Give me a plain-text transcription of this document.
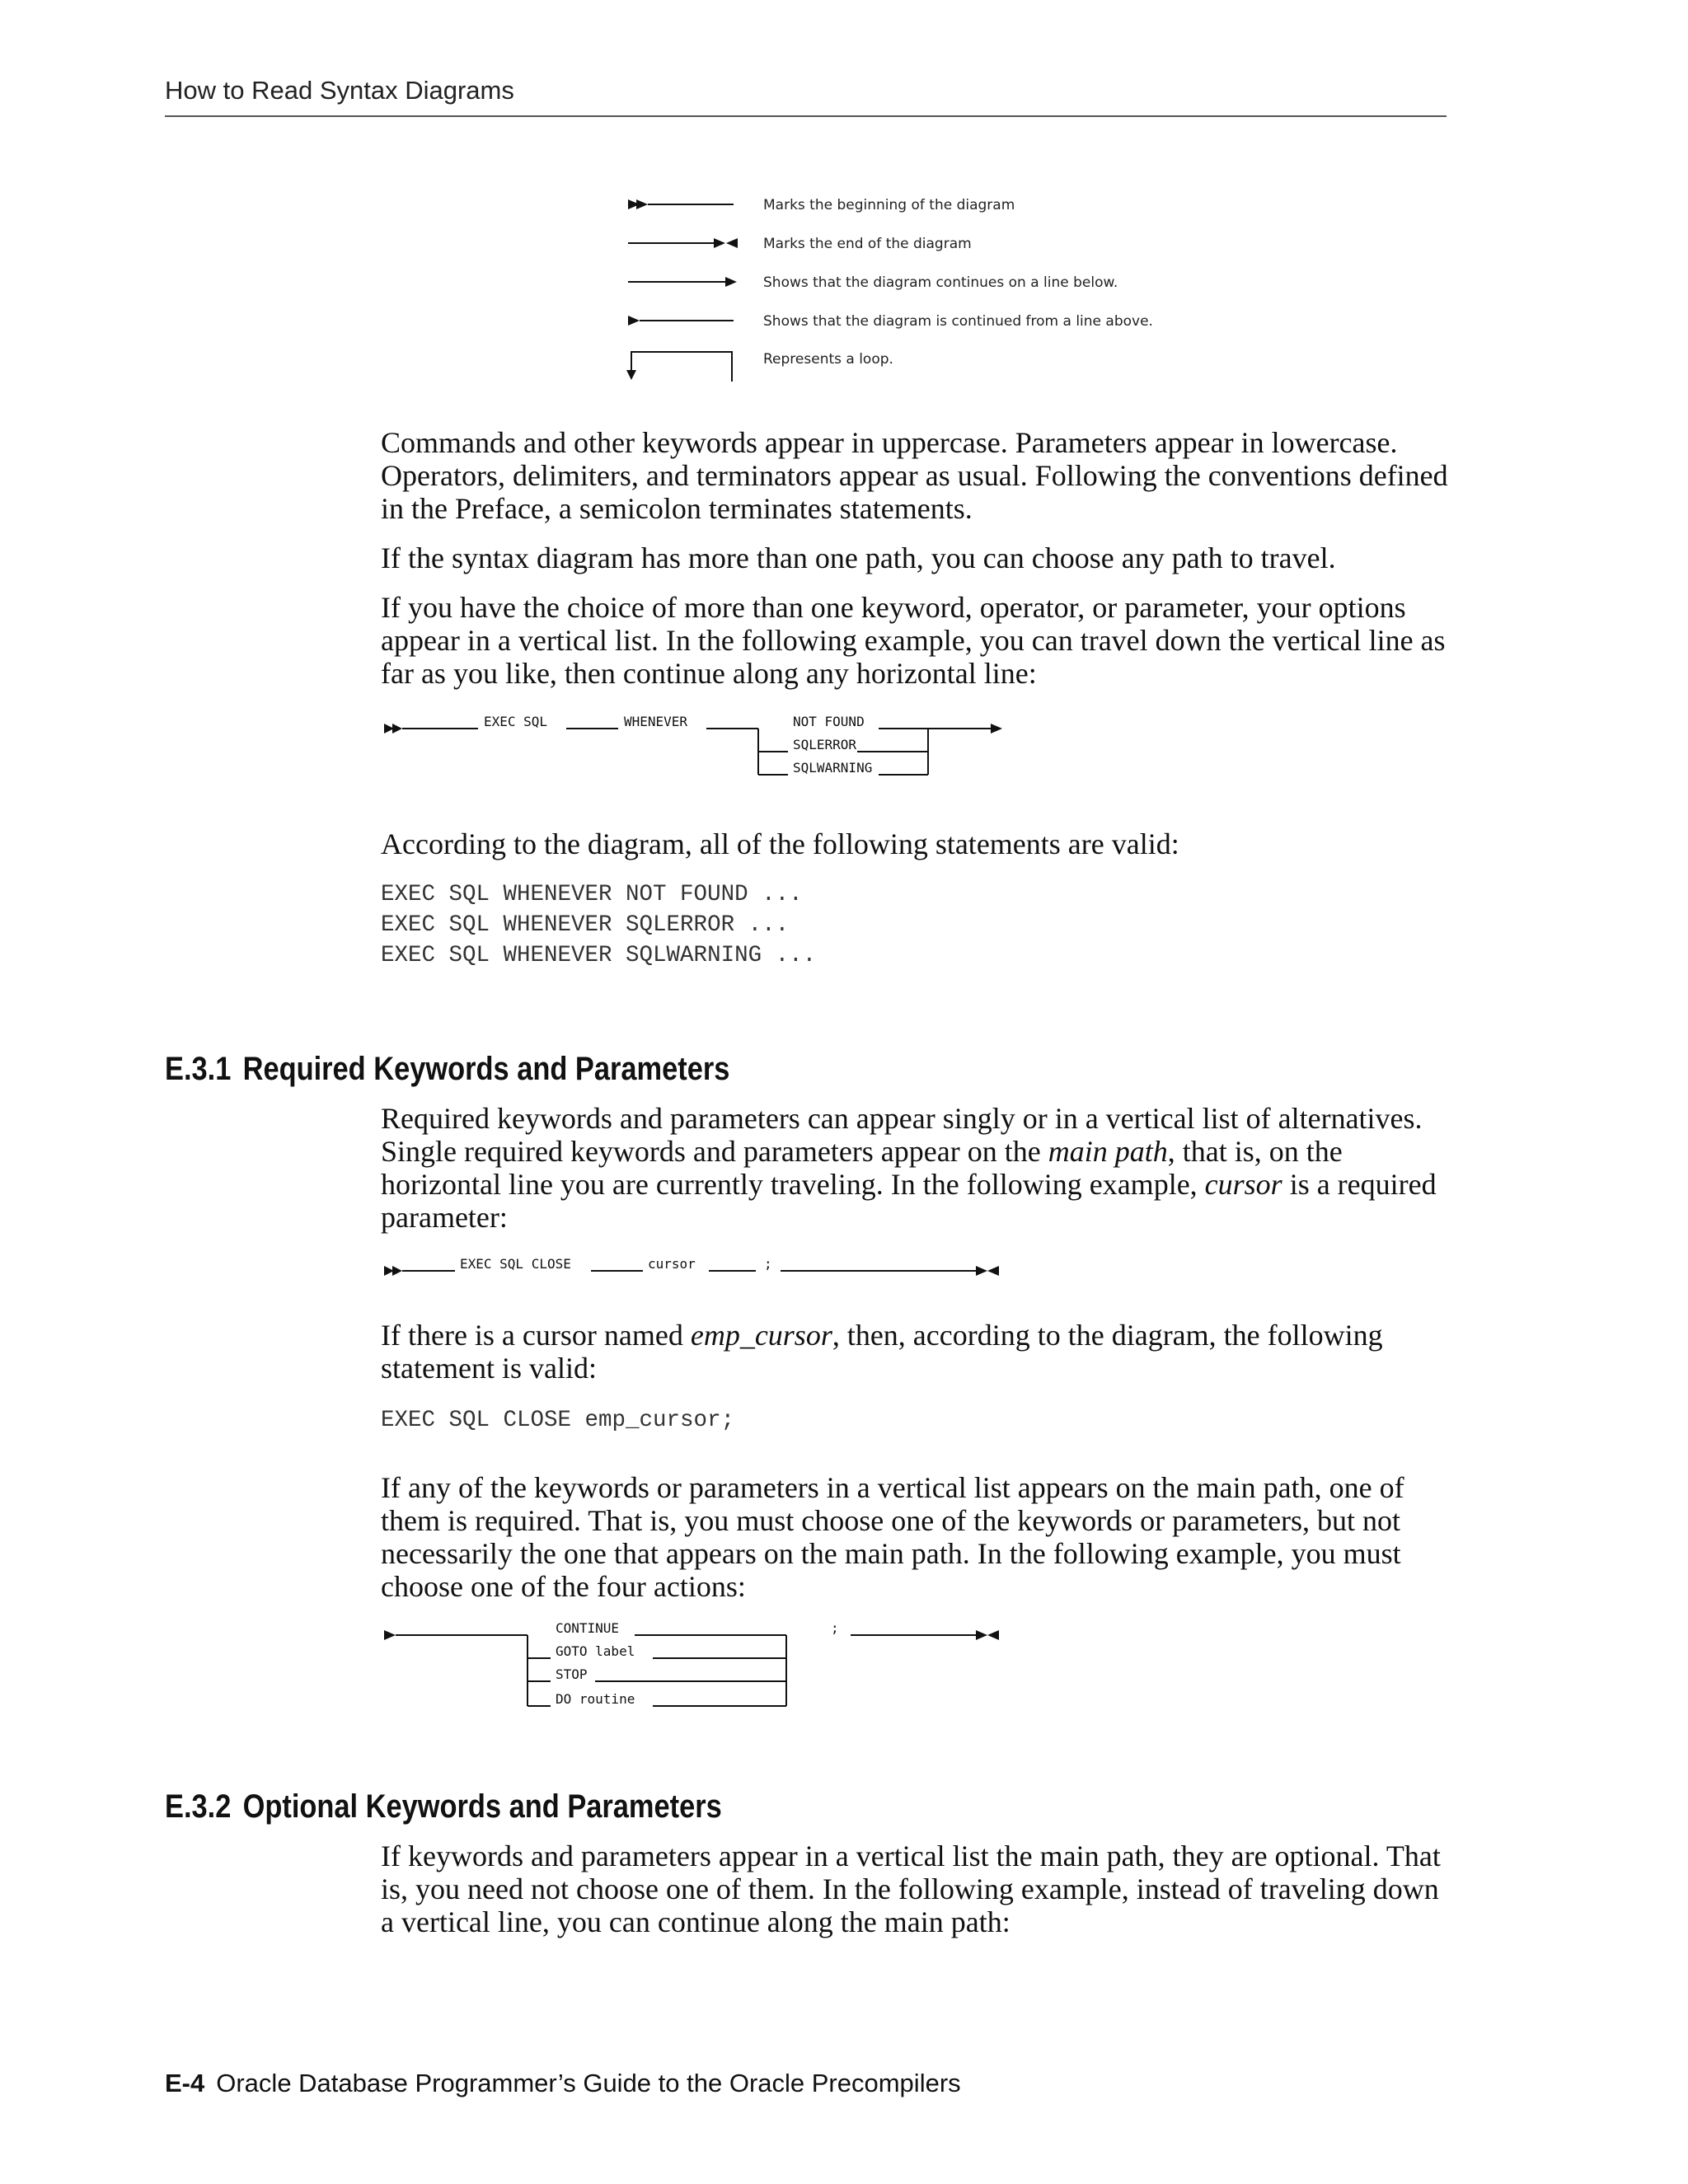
How to Read Syntax Diagrams
Marks the beginning of the diagram
Marks the end of the diagram
Shows that the diagram continues on a line below.
Shows that the diagram is continued from a line above.
Represents a loop.

Commands and other keywords appear in uppercase. Parameters appear in lowercase. Operators, delimiters, and terminators appear as usual. Following the conventions defined in the Preface, a semicolon terminates statements.

If the syntax diagram has more than one path, you can choose any path to travel.

If you have the choice of more than one keyword, operator, or parameter, your options appear in a vertical list. In the following example, you can travel down the vertical line as far as you like, then continue along any horizontal line:

EXEC SQL	WHENEVER	NOT FOUND
SQLERROR
SQLWARNING

According to the diagram, all of the following statements are valid:

EXEC SQL WHENEVER NOT FOUND ...
EXEC SQL WHENEVER SQLERROR ...
EXEC SQL WHENEVER SQLWARNING ...
E.3.1 Required Keywords and Parameters

Required keywords and parameters can appear singly or in a vertical list of alternatives. Single required keywords and parameters appear on the main path, that is, on the horizontal line you are currently traveling. In the following example, cursor is a required parameter:

EXEC SQL CLOSE	cursor	;

If there is a cursor named emp_cursor, then, according to the diagram, the following statement is valid:

EXEC SQL CLOSE emp_cursor;

If any of the keywords or parameters in a vertical list appears on the main path, one of them is required. That is, you must choose one of the keywords or parameters, but not necessarily the one that appears on the main path. In the following example, you must choose one of the four actions:

CONTINUE	;
GOTO label
STOP
DO routine
E.3.2 Optional Keywords and Parameters

If keywords and parameters appear in a vertical list the main path, they are optional. That is, you need not choose one of them. In the following example, instead of traveling down a vertical line, you can continue along the main path:

E-4 Oracle Database Programmer’s Guide to the Oracle Precompilers
